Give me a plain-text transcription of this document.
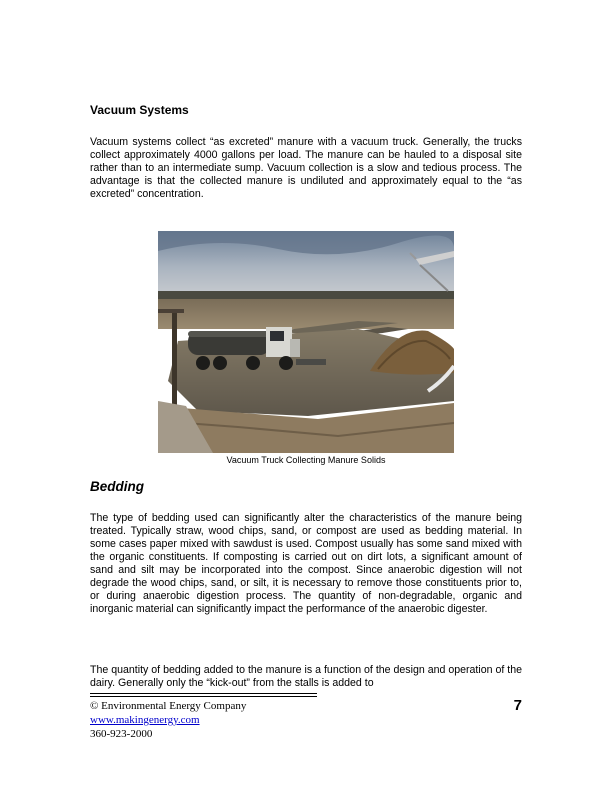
Vacuum Systems
Vacuum systems collect “as excreted” manure with a vacuum truck. Generally, the trucks collect approximately 4000 gallons per load. The manure can be hauled to a disposal site rather than to an intermediate sump. Vacuum collection is a slow and tedious process. The advantage is that the collected manure is undiluted and approximately equal to the “as excreted” concentration.
Vacuum Truck Collecting Manure Solids
Bedding
The type of bedding used can significantly alter the characteristics of the manure being treated. Typically straw, wood chips, sand, or compost are used as bedding material. In some cases paper mixed with sawdust is used. Compost usually has some sand mixed with the organic constituents. If composting is carried out on dirt lots, a significant amount of sand and silt may be incorporated into the compost. Since anaerobic digestion will not degrade the wood chips, sand, or silt, it is necessary to remove those constituents prior to, or during anaerobic digestion process. The quantity of non-degradable, organic and inorganic material can significantly impact the performance of the anaerobic digester.
The quantity of bedding added to the manure is a function of the design and operation of the dairy. Generally only the “kick-out” from the stalls is added to
© Environmental Energy Company
www.makingenergy.com
360-923-2000
7
